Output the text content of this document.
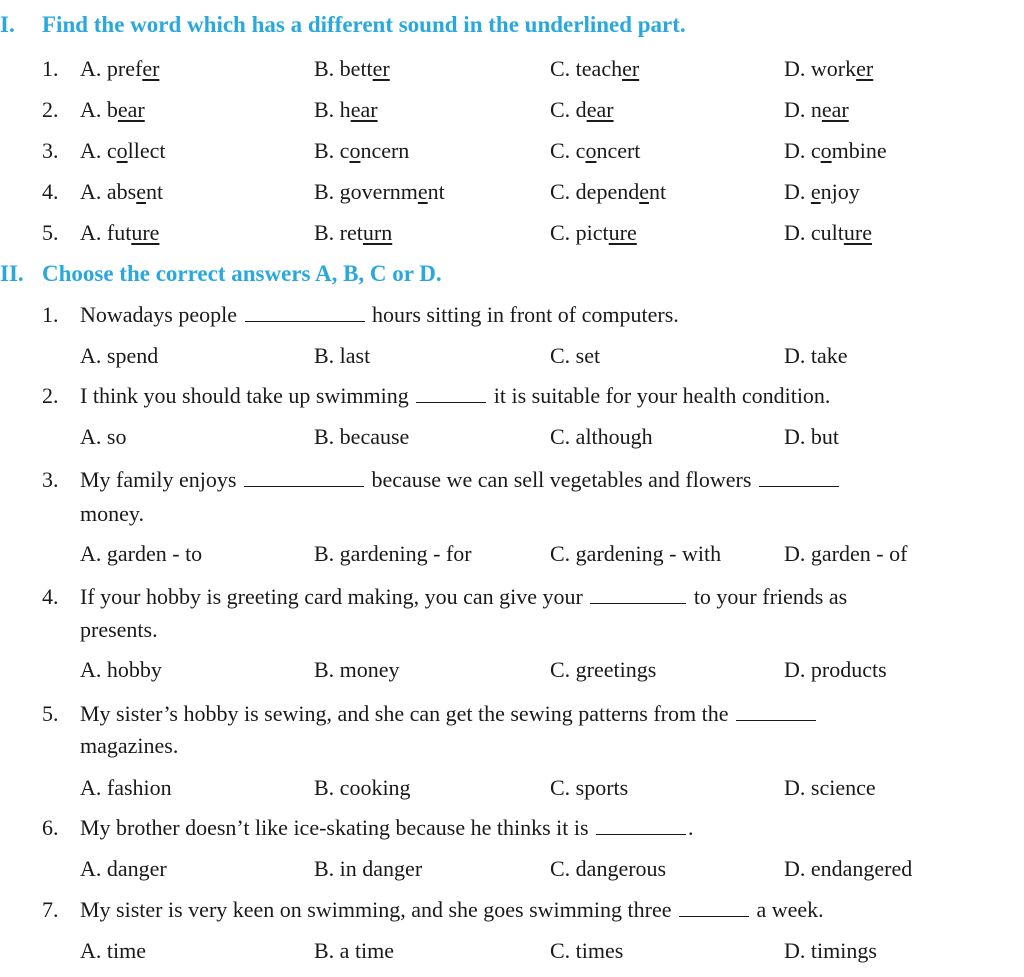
I. Find the word which has a different sound in the underlined part.
1. A. prefer	B. better	C. teacher	D. worker
2. A. bear	B. hear	C. dear	D. near
3. A. collect	B. concern	C. concert	D. combine
4. A. absent	B. government	C. dependent	D. enjoy
5. A. future	B. return	C. picture	D. culture
II. Choose the correct answers A, B, C or D.
1. Nowadays people	hours sitting in front of computers.
A. spend	B. last	C. set	D. take
2. I think you should take up swimming	it is suitable for your health condition.
A. so	B. because	C. although	D. but
3. My family enjoys	because we can sell vegetables and flowers
money.
A. garden - to	B. gardening - for	C. gardening - with	D. garden - of
4. If your hobby is greeting card making, you can give your	to your friends as
presents.
A. hobby	B. money	C. greetings	D. products
5. My sister’s hobby is sewing, and she can get the sewing patterns from the
magazines.
A. fashion	B. cooking	C. sports	D. science
6. My brother doesn’t like ice-skating because he thinks it is	.
A. danger	B. in danger	C. dangerous	D. endangered
7. My sister is very keen on swimming, and she goes swimming three	a week.
A. time	B. a time	C. times	D. timings
